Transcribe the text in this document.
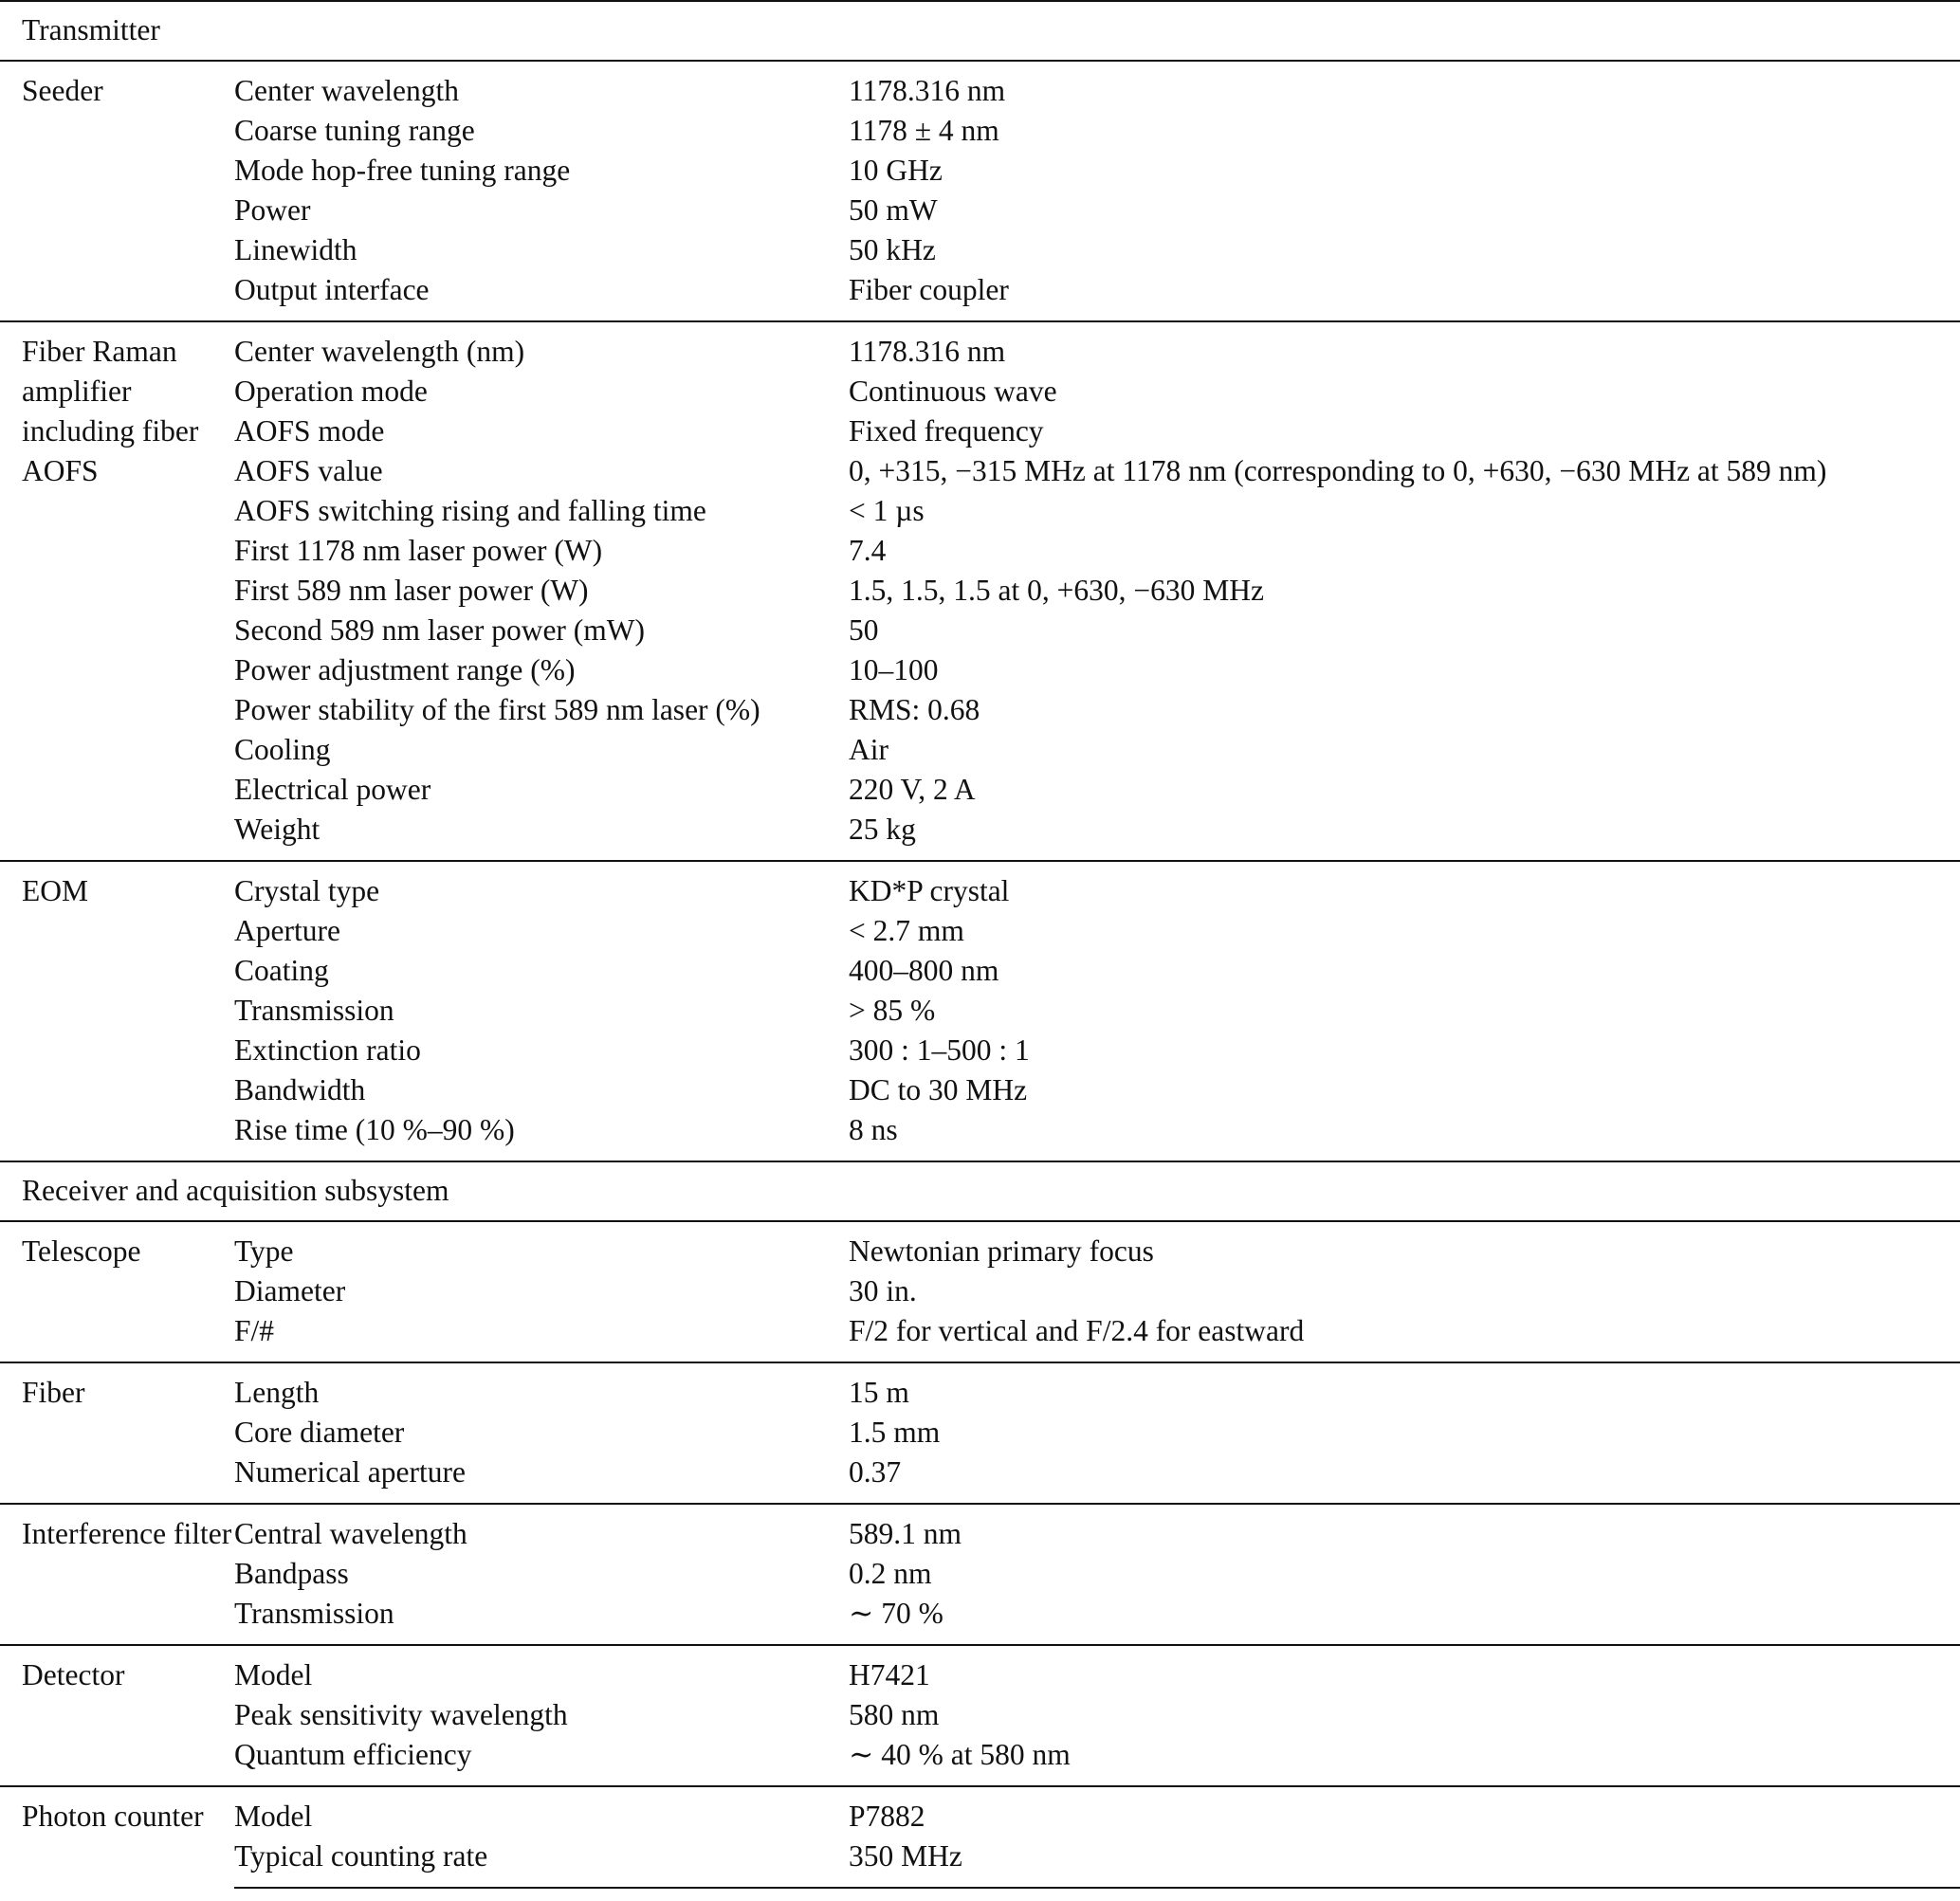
Transmitter		
Seeder	Center wavelength	1178.316 nm
	Coarse tuning range	1178 ± 4 nm
	Mode hop-free tuning range	10 GHz
	Power	50 mW
	Linewidth	50 kHz
	Output interface	Fiber coupler
Fiber Raman amplifier including fiber AOFS	Center wavelength (nm)	1178.316 nm
	Operation mode	Continuous wave
	AOFS mode	Fixed frequency
	AOFS value	0, +315, −315 MHz at 1178 nm (corresponding to 0, +630, −630 MHz at 589 nm)
	AOFS switching rising and falling time	< 1 µs
	First 1178 nm laser power (W)	7.4
	First 589 nm laser power (W)	1.5, 1.5, 1.5 at 0, +630, −630 MHz
	Second 589 nm laser power (mW)	50
	Power adjustment range (%)	10–100
	Power stability of the first 589 nm laser (%)	RMS: 0.68
	Cooling	Air
	Electrical power	220 V, 2 A
	Weight	25 kg
EOM	Crystal type	KD*P crystal
	Aperture	< 2.7 mm
	Coating	400–800 nm
	Transmission	> 85 %
	Extinction ratio	300 : 1–500 : 1
	Bandwidth	DC to 30 MHz
	Rise time (10 %–90 %)	8 ns
Receiver and acquisition subsystem		
Telescope	Type	Newtonian primary focus
	Diameter	30 in.
	F/#	F/2 for vertical and F/2.4 for eastward
Fiber	Length	15 m
	Core diameter	1.5 mm
	Numerical aperture	0.37
Interference filter	Central wavelength	589.1 nm
	Bandpass	0.2 nm
	Transmission	∼ 70 %
Detector	Model	H7421
	Peak sensitivity wavelength	580 nm
	Quantum efficiency	∼ 40 % at 580 nm
Photon counter	Model	P7882
	Typical counting rate	350 MHz
